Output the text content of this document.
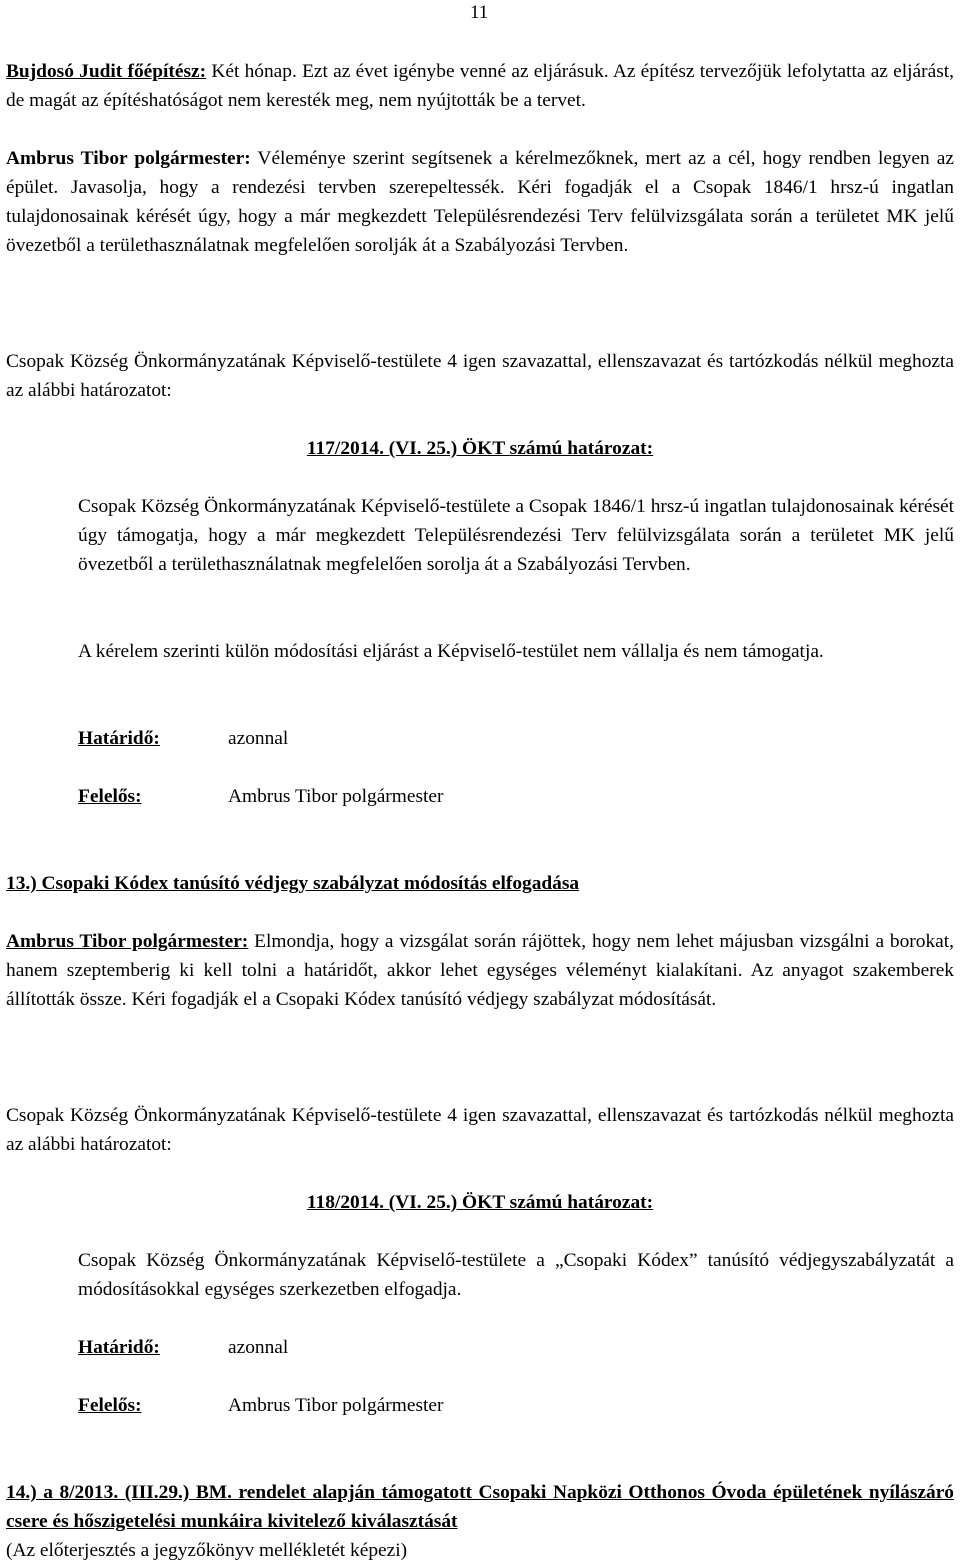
11

Bujdosó Judit főépítész: Két hónap. Ezt az évet igénybe venné az eljárásuk. Az építész tervezőjük lefolytatta az eljárást, de magát az építéshatóságot nem keresték meg, nem nyújtották be a tervet.

Ambrus Tibor polgármester: Véleménye szerint segítsenek a kérelmezőknek, mert az a cél, hogy rendben legyen az épület. Javasolja, hogy a rendezési tervben szerepeltessék. Kéri fogadják el a Csopak 1846/1 hrsz-ú ingatlan tulajdonosainak kérését úgy, hogy a már megkezdett Településrendezési Terv felülvizsgálata során a területet MK jelű övezetből a területhasználatnak megfelelően sorolják át a Szabályozási Tervben.

Csopak Község Önkormányzatának Képviselő-testülete 4 igen szavazattal, ellenszavazat és tartózkodás nélkül meghozta az alábbi határozatot:

117/2014. (VI. 25.) ÖKT számú határozat:

Csopak Község Önkormányzatának Képviselő-testülete a Csopak 1846/1 hrsz-ú ingatlan tulajdonosainak kérését úgy támogatja, hogy a már megkezdett Településrendezési Terv felülvizsgálata során a területet MK jelű övezetből a területhasználatnak megfelelően sorolja át a Szabályozási Tervben.

A kérelem szerinti külön módosítási eljárást a Képviselő-testület nem vállalja és nem támogatja.

Határidő:	azonnal
Felelős:	Ambrus Tibor polgármester

13.) Csopaki Kódex tanúsító védjegy szabályzat módosítás elfogadása

Ambrus Tibor polgármester: Elmondja, hogy a vizsgálat során rájöttek, hogy nem lehet májusban vizsgálni a borokat, hanem szeptemberig ki kell tolni a határidőt, akkor lehet egységes véleményt kialakítani. Az anyagot szakemberek állították össze. Kéri fogadják el a Csopaki Kódex tanúsító védjegy szabályzat módosítását.

Csopak Község Önkormányzatának Képviselő-testülete 4 igen szavazattal, ellenszavazat és tartózkodás nélkül meghozta az alábbi határozatot:

118/2014. (VI. 25.) ÖKT számú határozat:

Csopak Község Önkormányzatának Képviselő-testülete a „Csopaki Kódex” tanúsító védjegyszabályzatát a módosításokkal egységes szerkezetben elfogadja.

Határidő:	azonnal
Felelős:	Ambrus Tibor polgármester

14.) a 8/2013. (III.29.) BM. rendelet alapján támogatott Csopaki Napközi Otthonos Óvoda épületének nyílászáró csere és hőszigetelési munkáira kivitelező kiválasztását

(Az előterjesztés a jegyzőkönyv mellékletét képezi)
